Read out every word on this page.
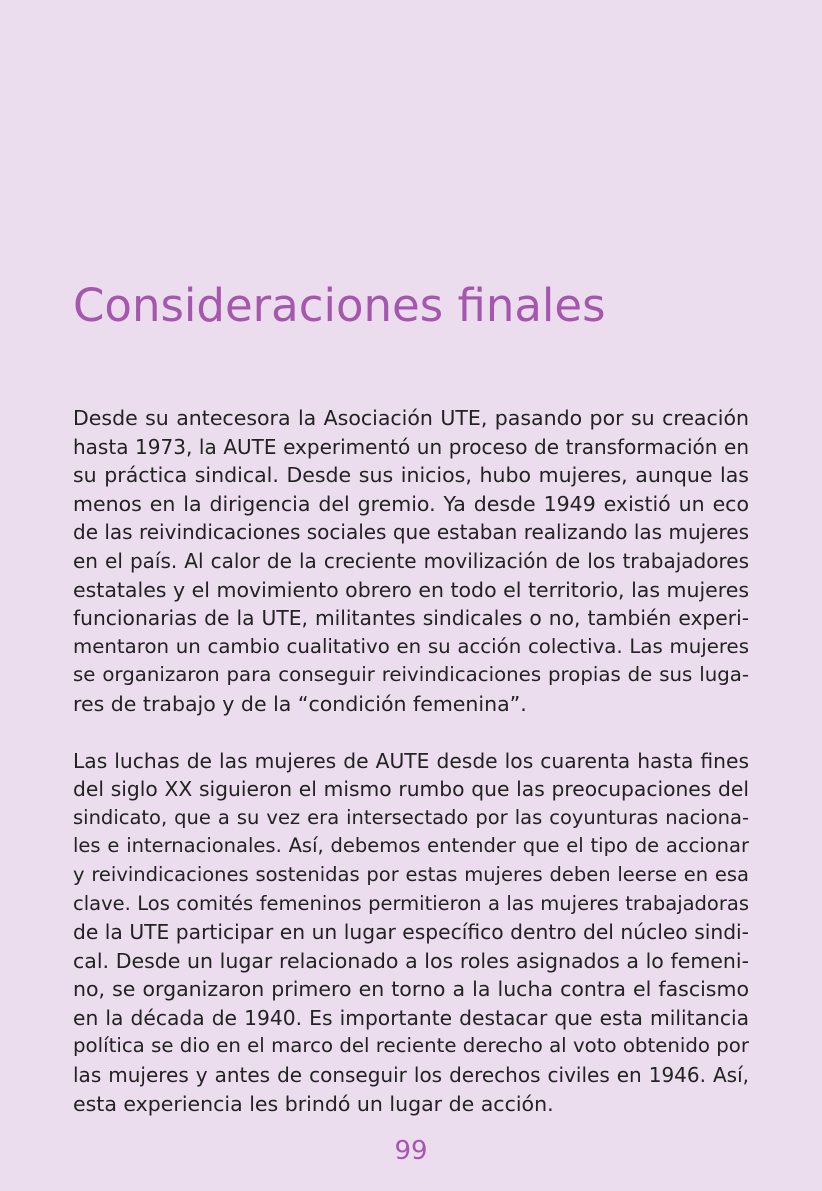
Consideraciones finales

Desde su antecesora la Asociación UTE, pasando por su creación
hasta 1973, la AUTE experimentó un proceso de transformación en
su práctica sindical. Desde sus inicios, hubo mujeres, aunque las
menos en la dirigencia del gremio. Ya desde 1949 existió un eco
de las reivindicaciones sociales que estaban realizando las mujeres
en el país. Al calor de la creciente movilización de los trabajadores
estatales y el movimiento obrero en todo el territorio, las mujeres
funcionarias de la UTE, militantes sindicales o no, también experi-
mentaron un cambio cualitativo en su acción colectiva. Las mujeres
se organizaron para conseguir reivindicaciones propias de sus luga-
res de trabajo y de la “condición femenina”.

Las luchas de las mujeres de AUTE desde los cuarenta hasta fines
del siglo XX siguieron el mismo rumbo que las preocupaciones del
sindicato, que a su vez era intersectado por las coyunturas naciona-
les e internacionales. Así, debemos entender que el tipo de accionar
y reivindicaciones sostenidas por estas mujeres deben leerse en esa
clave. Los comités femeninos permitieron a las mujeres trabajadoras
de la UTE participar en un lugar específico dentro del núcleo sindi-
cal. Desde un lugar relacionado a los roles asignados a lo femeni-
no, se organizaron primero en torno a la lucha contra el fascismo
en la década de 1940. Es importante destacar que esta militancia
política se dio en el marco del reciente derecho al voto obtenido por
las mujeres y antes de conseguir los derechos civiles en 1946. Así,
esta experiencia les brindó un lugar de acción.

99
